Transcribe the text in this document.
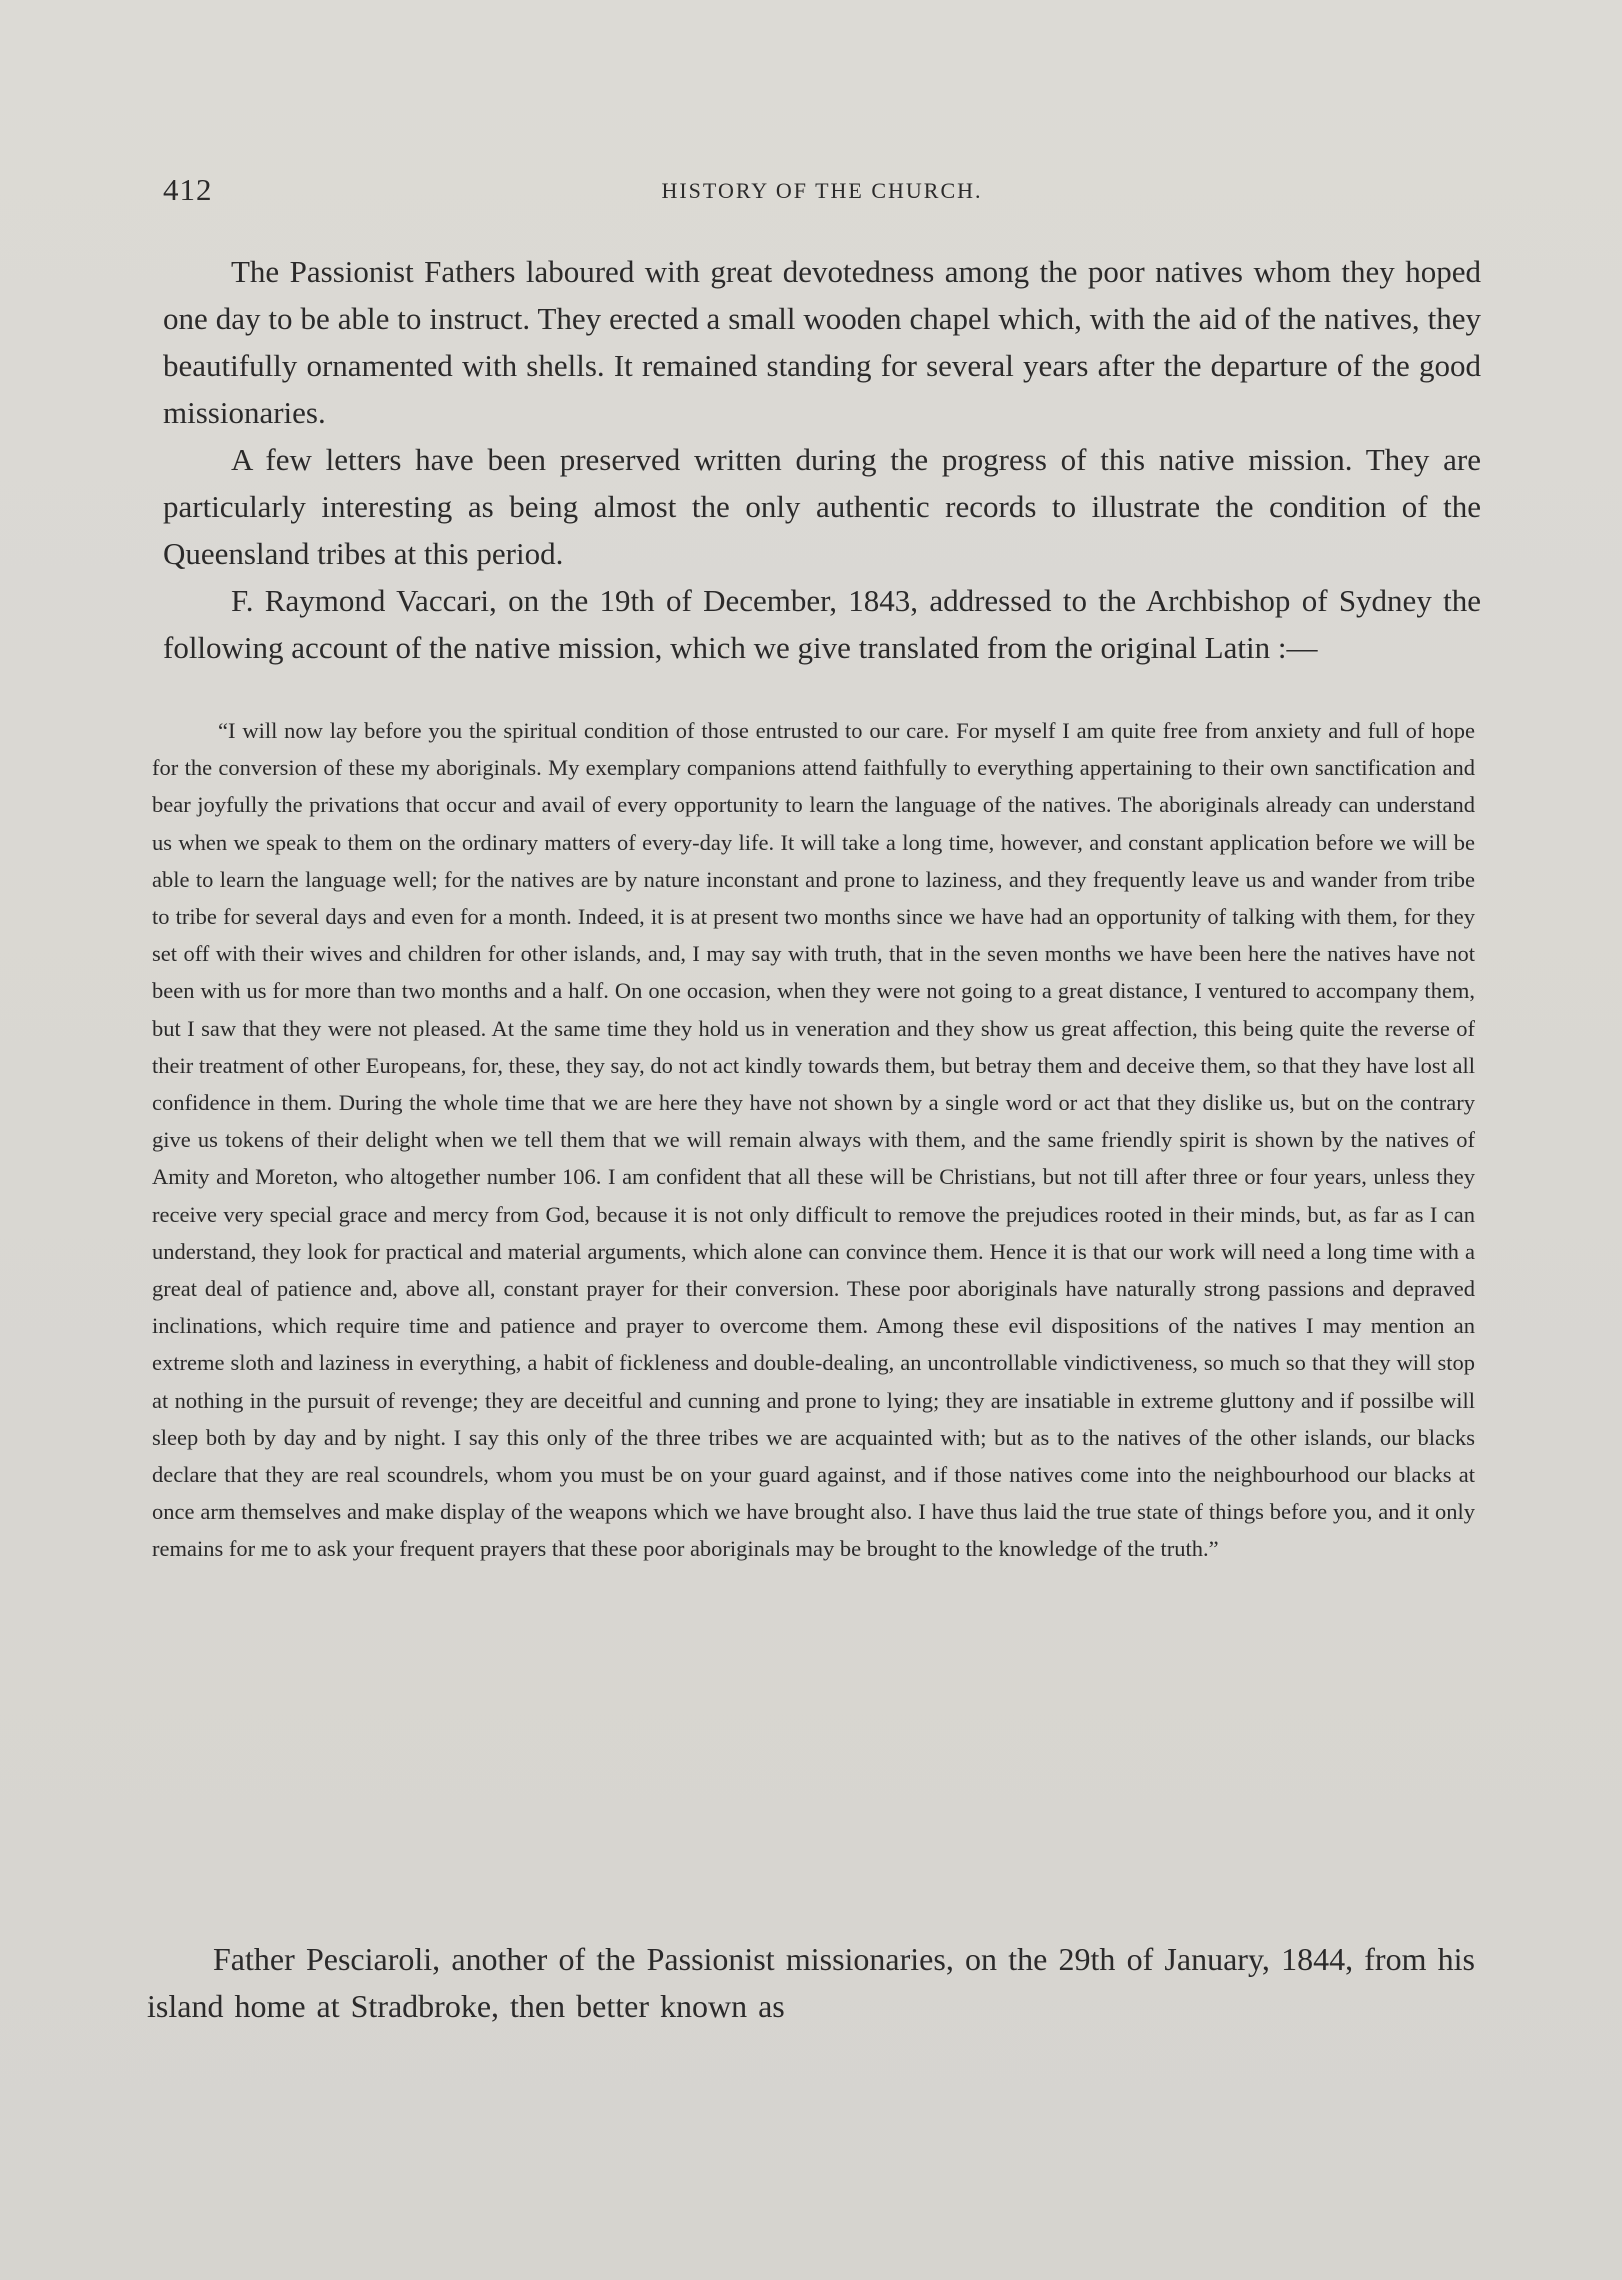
412	HISTORY OF THE CHURCH.

The Passionist Fathers laboured with great devotedness among the poor natives whom they hoped one day to be able to instruct. They erected a small wooden chapel which, with the aid of the natives, they beautifully ornamented with shells. It remained standing for several years after the departure of the good missionaries.

A few letters have been preserved written during the progress of this native mission. They are particularly interesting as being almost the only authentic records to illustrate the condition of the Queensland tribes at this period.

F. Raymond Vaccari, on the 19th of December, 1843, addressed to the Archbishop of Sydney the following account of the native mission, which we give translated from the original Latin :—

“I will now lay before you the spiritual condition of those entrusted to our care. For myself I am quite free from anxiety and full of hope for the conversion of these my aboriginals. My exemplary companions attend faithfully to everything appertaining to their own sanctification and bear joyfully the privations that occur and avail of every opportunity to learn the language of the natives. The aboriginals already can understand us when we speak to them on the ordinary matters of every-day life. It will take a long time, however, and constant application before we will be able to learn the language well; for the natives are by nature inconstant and prone to laziness, and they frequently leave us and wander from tribe to tribe for several days and even for a month. Indeed, it is at present two months since we have had an opportunity of talking with them, for they set off with their wives and children for other islands, and, I may say with truth, that in the seven months we have been here the natives have not been with us for more than two months and a half. On one occasion, when they were not going to a great distance, I ventured to accompany them, but I saw that they were not pleased. At the same time they hold us in veneration and they show us great affection, this being quite the reverse of their treatment of other Europeans, for, these, they say, do not act kindly towards them, but betray them and deceive them, so that they have lost all confidence in them. During the whole time that we are here they have not shown by a single word or act that they dislike us, but on the contrary give us tokens of their delight when we tell them that we will remain always with them, and the same friendly spirit is shown by the natives of Amity and Moreton, who altogether number 106. I am confident that all these will be Christians, but not till after three or four years, unless they receive very special grace and mercy from God, because it is not only difficult to remove the prejudices rooted in their minds, but, as far as I can understand, they look for practical and material arguments, which alone can convince them. Hence it is that our work will need a long time with a great deal of patience and, above all, constant prayer for their conversion. These poor aboriginals have naturally strong passions and depraved inclinations, which require time and patience and prayer to overcome them. Among these evil dispositions of the natives I may mention an extreme sloth and laziness in everything, a habit of fickleness and double-dealing, an uncontrollable vindictiveness, so much so that they will stop at nothing in the pursuit of revenge; they are deceitful and cunning and prone to lying; they are insatiable in extreme gluttony and if possilbe will sleep both by day and by night. I say this only of the three tribes we are acquainted with; but as to the natives of the other islands, our blacks declare that they are real scoundrels, whom you must be on your guard against, and if those natives come into the neighbourhood our blacks at once arm themselves and make display of the weapons which we have brought also. I have thus laid the true state of things before you, and it only remains for me to ask your frequent prayers that these poor aboriginals may be brought to the knowledge of the truth.”

Father Pesciaroli, another of the Passionist missionaries, on the 29th of January, 1844, from his island home at Stradbroke, then better known as
